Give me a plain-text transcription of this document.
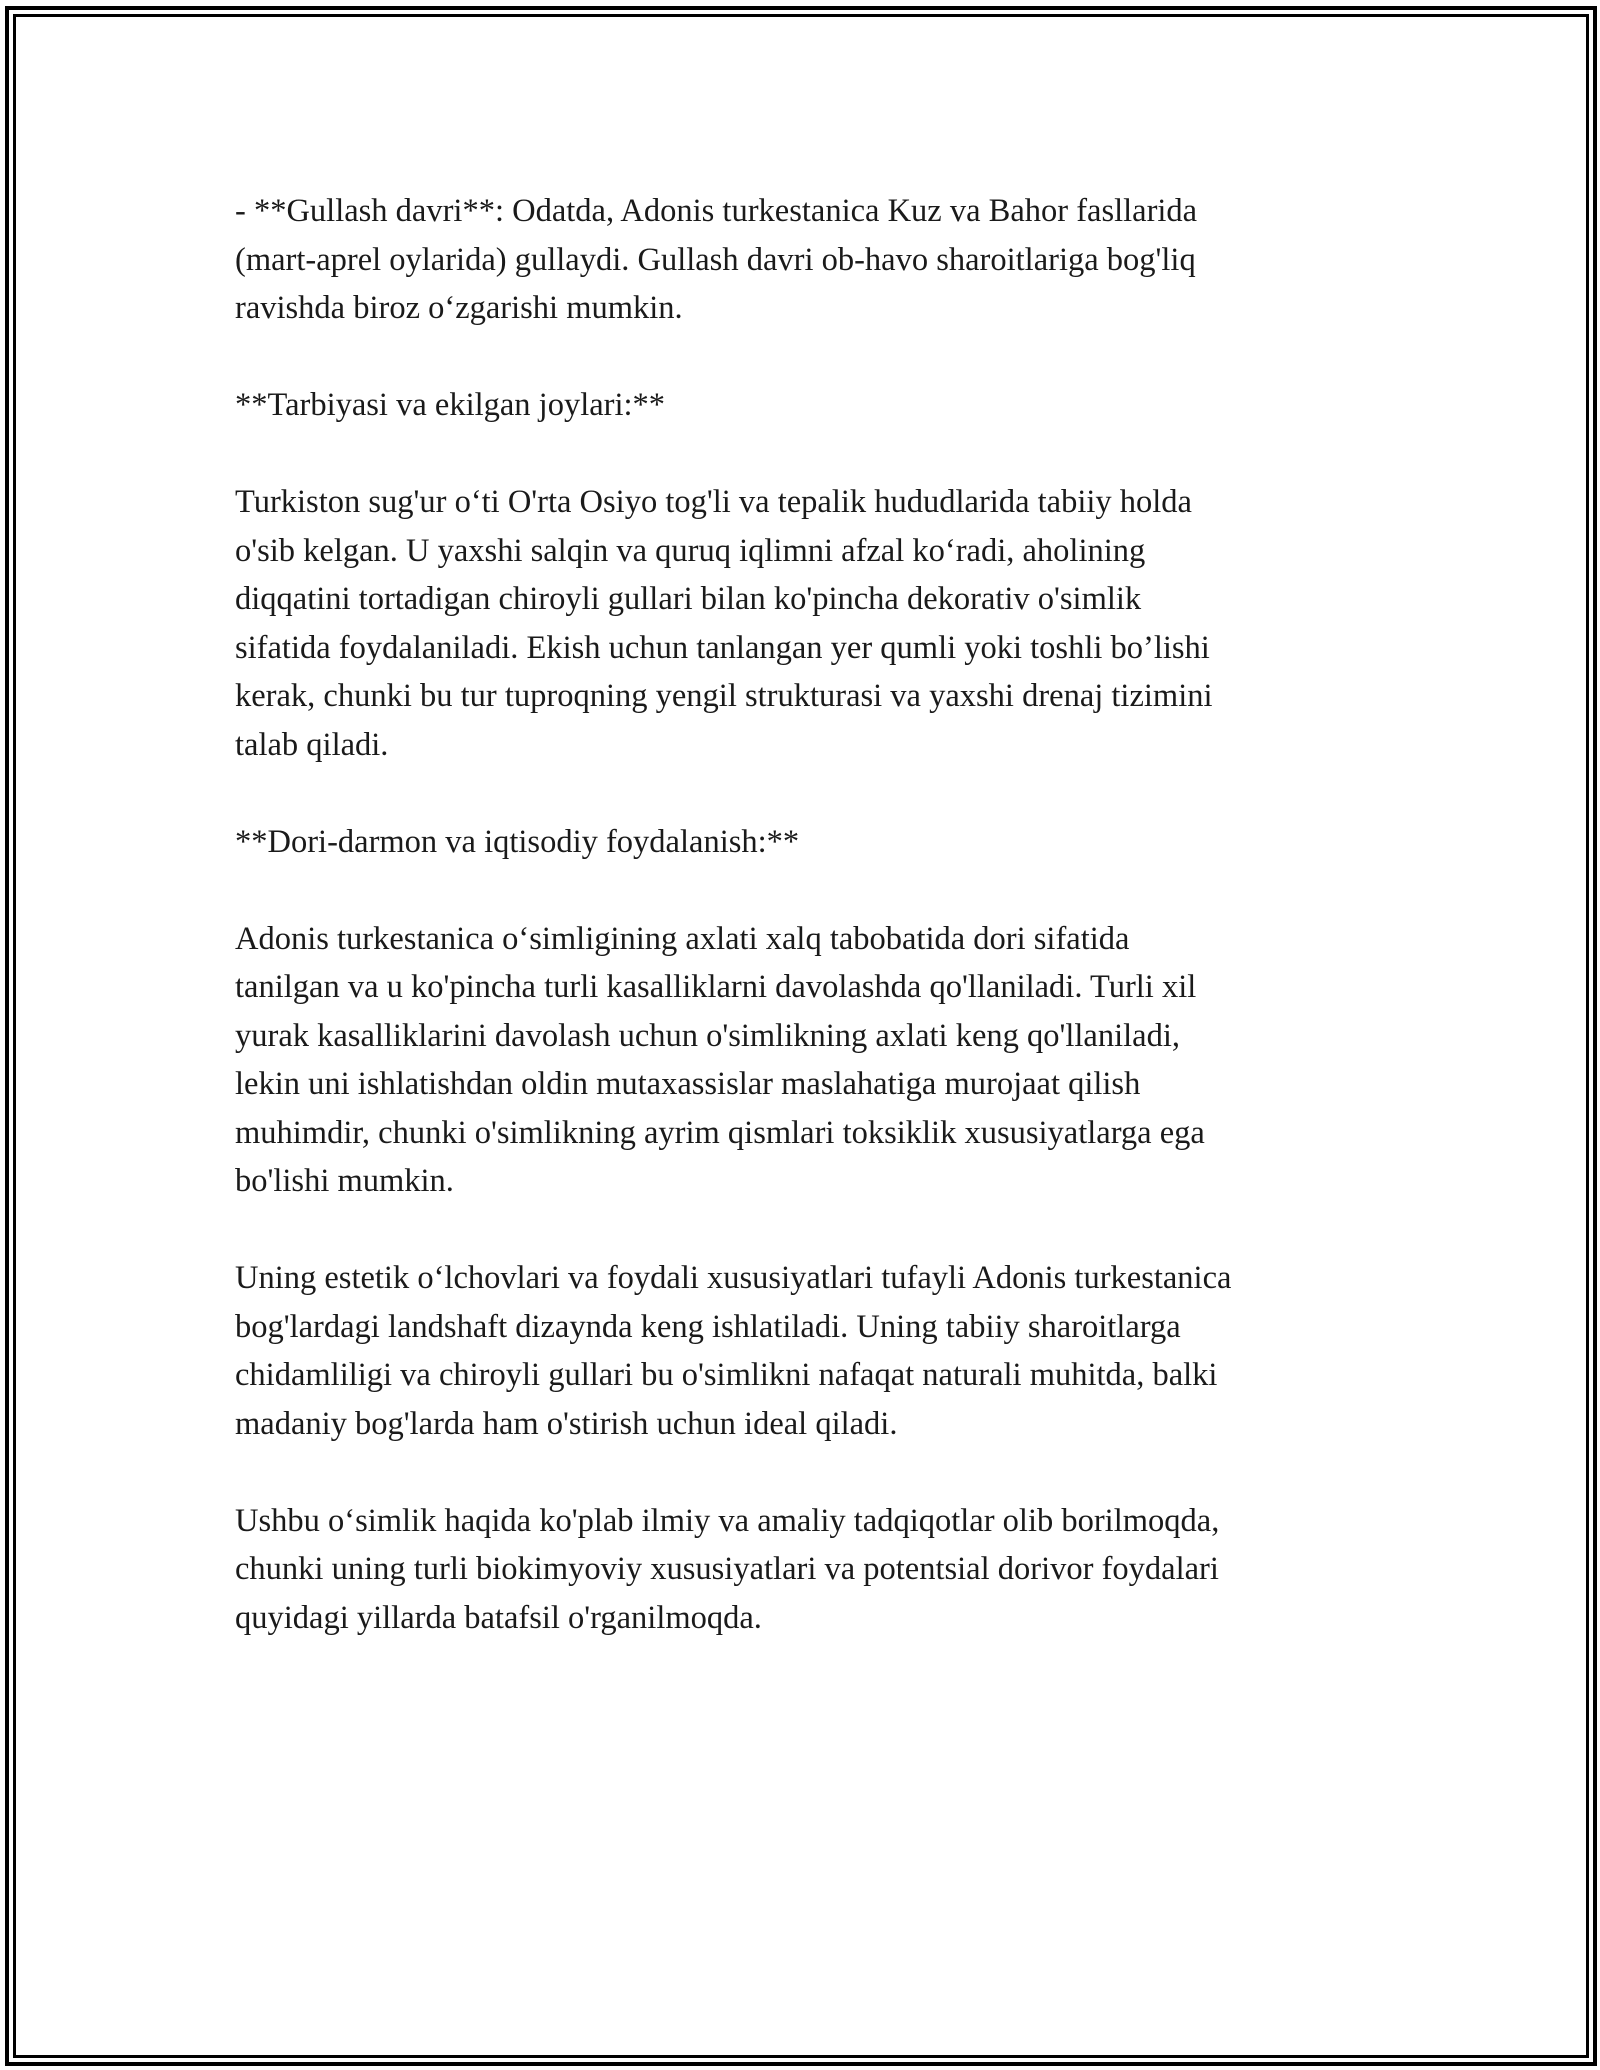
- **Gullash davri**: Odatda, Adonis turkestanica Kuz va Bahor fasllarida
(mart-aprel oylarida) gullaydi. Gullash davri ob-havo sharoitlariga bog'liq
ravishda biroz o‘zgarishi mumkin.

**Tarbiyasi va ekilgan joylari:**

Turkiston sug'ur o‘ti O'rta Osiyo tog'li va tepalik hududlarida tabiiy holda
o'sib kelgan. U yaxshi salqin va quruq iqlimni afzal ko‘radi, aholining
diqqatini tortadigan chiroyli gullari bilan ko'pincha dekorativ o'simlik
sifatida foydalaniladi. Ekish uchun tanlangan yer qumli yoki toshli bo’lishi
kerak, chunki bu tur tuproqning yengil strukturasi va yaxshi drenaj tizimini
talab qiladi.

**Dori-darmon va iqtisodiy foydalanish:**

Adonis turkestanica o‘simligining axlati xalq tabobatida dori sifatida
tanilgan va u ko'pincha turli kasalliklarni davolashda qo'llaniladi. Turli xil
yurak kasalliklarini davolash uchun o'simlikning axlati keng qo'llaniladi,
lekin uni ishlatishdan oldin mutaxassislar maslahatiga murojaat qilish
muhimdir, chunki o'simlikning ayrim qismlari toksiklik xususiyatlarga ega
bo'lishi mumkin.

Uning estetik o‘lchovlari va foydali xususiyatlari tufayli Adonis turkestanica
bog'lardagi landshaft dizaynda keng ishlatiladi. Uning tabiiy sharoitlarga
chidamliligi va chiroyli gullari bu o'simlikni nafaqat naturali muhitda, balki
madaniy bog'larda ham o'stirish uchun ideal qiladi.

Ushbu o‘simlik haqida ko'plab ilmiy va amaliy tadqiqotlar olib borilmoqda,
chunki uning turli biokimyoviy xususiyatlari va potentsial dorivor foydalari
quyidagi yillarda batafsil o'rganilmoqda.
